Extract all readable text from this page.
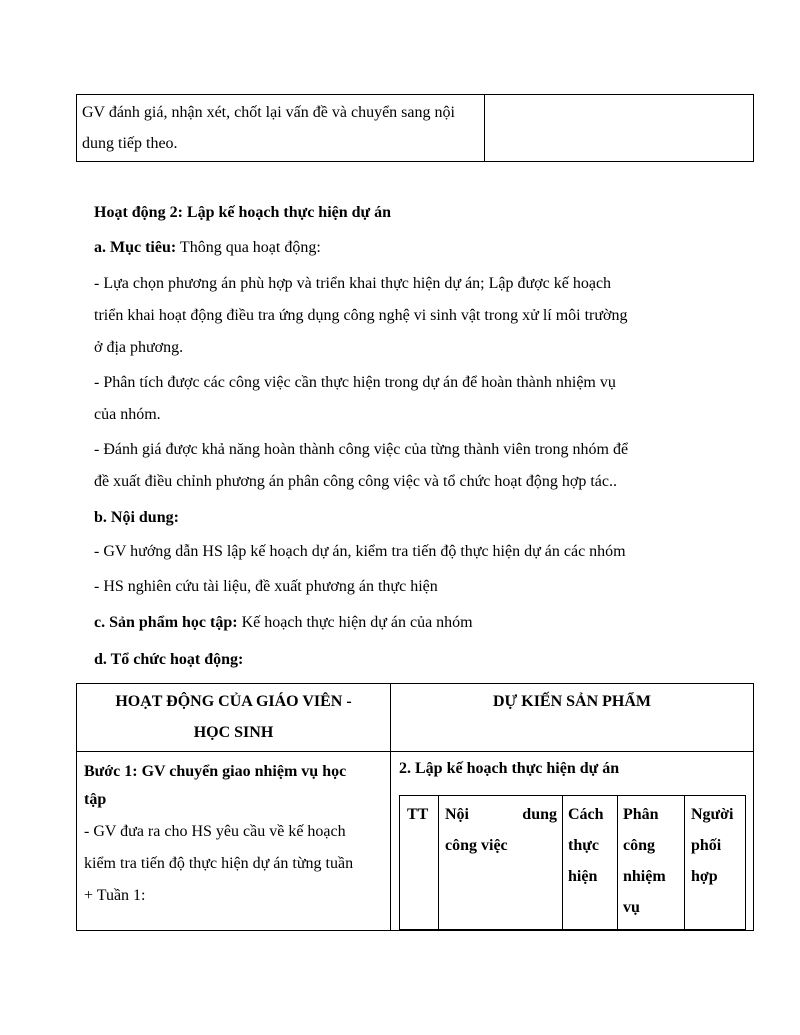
GV đánh giá, nhận xét, chốt lại vấn đề và chuyển sang nội dung tiếp theo.
Hoạt động 2: Lập kế hoạch thực hiện dự án
a. Mục tiêu: Thông qua hoạt động:
- Lựa chọn phương án phù hợp và triển khai thực hiện dự án; Lập được kế hoạch
triển khai hoạt động điều tra ứng dụng công nghệ vi sinh vật trong xử lí môi trường
ở địa phương.
- Phân tích được các công việc cần thực hiện trong dự án để hoàn thành nhiệm vụ
của nhóm.
- Đánh giá được khả năng hoàn thành công việc của từng thành viên trong nhóm để
đề xuất điều chỉnh phương án phân công công việc và tổ chức hoạt động hợp tác..
b. Nội dung:
- GV hướng dẫn HS lập kế hoạch dự án, kiểm tra tiến độ thực hiện dự án các nhóm
- HS nghiên cứu tài liệu, đề xuất phương án thực hiện
c. Sản phẩm học tập: Kế hoạch thực hiện dự án của nhóm
d. Tổ chức hoạt động:
HOẠT ĐỘNG CỦA GIÁO VIÊN -
HỌC SINH
DỰ KIẾN SẢN PHẨM
Bước 1: GV chuyển giao nhiệm vụ học
tập
- GV đưa ra cho HS yêu cầu về kế hoạch
kiểm tra tiến độ thực hiện dự án từng tuần
+ Tuần 1:
2. Lập kế hoạch thực hiện dự án
TT Nội	dung
công việc
Cách
thực
hiện
Phân
công
nhiệm
vụ
Người
phối
hợp
